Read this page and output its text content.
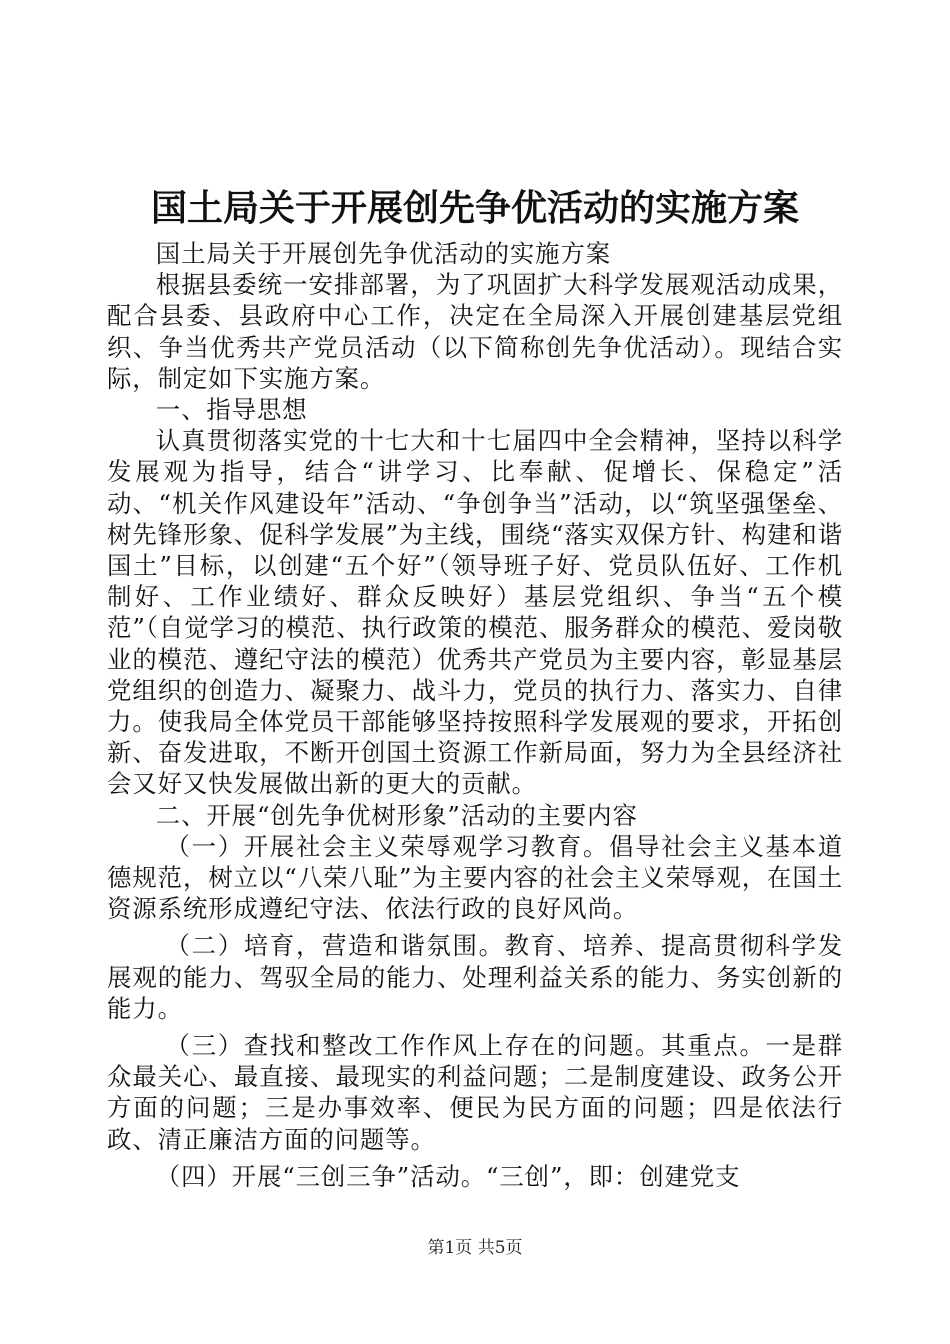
国土局关于开展创先争优活动的实施方案

国土局关于开展创先争优活动的实施方案

根据县委统一安排部署，为了巩固扩大科学发展观活动成果，配合县委、县政府中心工作，决定在全局深入开展创建基层党组织、争当优秀共产党员活动（以下简称创先争优活动）。现结合实际，制定如下实施方案。

一、指导思想

认真贯彻落实党的十七大和十七届四中全会精神，坚持以科学发展观为指导，结合“讲学习、比奉献、促增长、保稳定”活动、“机关作风建设年”活动、“争创争当”活动，以“筑坚强堡垒、树先锋形象、促科学发展”为主线，围绕“落实双保方针、构建和谐国土”目标，以创建“五个好”（领导班子好、党员队伍好、工作机制好、工作业绩好、群众反映好）基层党组织、争当“五个模范”（自觉学习的模范、执行政策的模范、服务群众的模范、爱岗敬业的模范、遵纪守法的模范）优秀共产党员为主要内容，彰显基层党组织的创造力、凝聚力、战斗力，党员的执行力、落实力、自律力。使我局全体党员干部能够坚持按照科学发展观的要求，开拓创新、奋发进取，不断开创国土资源工作新局面，努力为全县经济社会又好又快发展做出新的更大的贡献。

二、开展“创先争优树形象”活动的主要内容

（一）开展社会主义荣辱观学习教育。倡导社会主义基本道德规范，树立以“八荣八耻”为主要内容的社会主义荣辱观，在国土资源系统形成遵纪守法、依法行政的良好风尚。

（二）培育，营造和谐氛围。教育、培养、提高贯彻科学发展观的能力、驾驭全局的能力、处理利益关系的能力、务实创新的能力。

（三）查找和整改工作作风上存在的问题。其重点。一是群众最关心、最直接、最现实的利益问题；二是制度建设、政务公开方面的问题；三是办事效率、便民为民方面的问题；四是依法行政、清正廉洁方面的问题等。

（四）开展“三创三争”活动。“三创”，即：创建党支

第1页 共5页
